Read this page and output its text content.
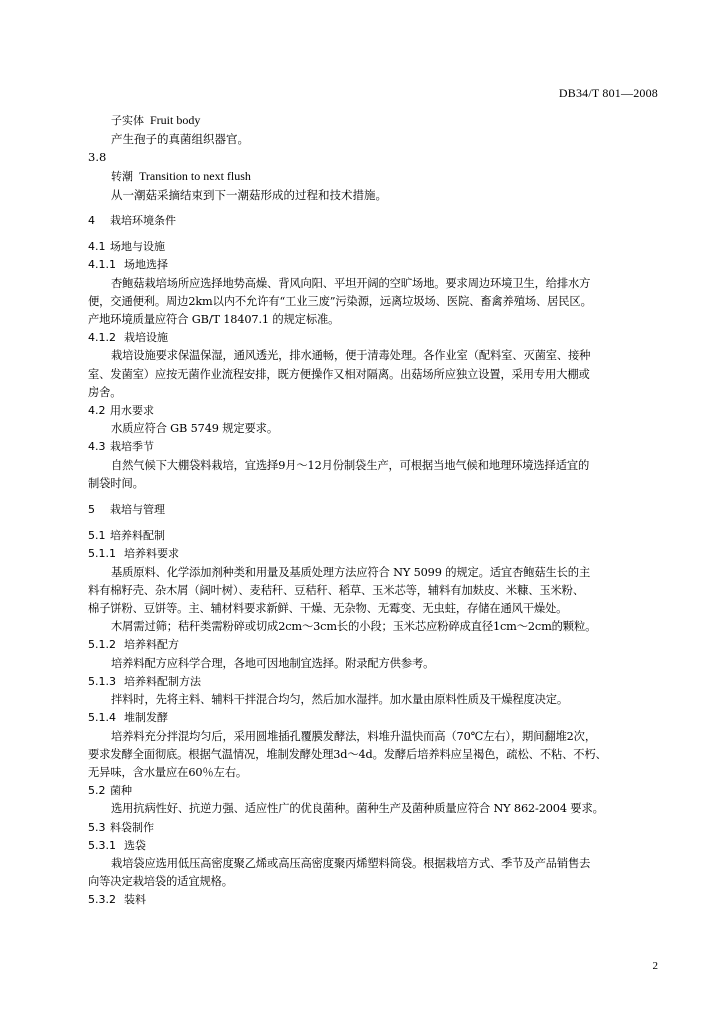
DB34/T 801—2008
子实体 Fruit body
产生孢子的真菌组织器官。
3.8
转潮 Transition to next flush
从一潮菇采摘结束到下一潮菇形成的过程和技术措施。
4 栽培环境条件
4.1 场地与设施
4.1.1 场地选择
杏鲍菇栽培场所应选择地势高燥、背风向阳、平坦开阔的空旷场地。要求周边环境卫生，给排水方
便，交通便利。周边2km以内不允许有“工业三废”污染源，远离垃圾场、医院、畜禽养殖场、居民区。
产地环境质量应符合 GB/T 18407.1 的规定标准。
4.1.2 栽培设施
栽培设施要求保温保湿，通风透光，排水通畅，便于清毒处理。各作业室（配料室、灭菌室、接种
室、发菌室）应按无菌作业流程安排，既方便操作又相对隔离。出菇场所应独立设置，采用专用大棚或
房舍。
4.2 用水要求
水质应符合 GB 5749 规定要求。
4.3 栽培季节
自然气候下大棚袋料栽培，宜选择9月～12月份制袋生产，可根据当地气候和地理环境选择适宜的
制袋时间。
5 栽培与管理
5.1 培养料配制
5.1.1 培养料要求
基质原料、化学添加剂种类和用量及基质处理方法应符合 NY 5099 的规定。适宜杏鲍菇生长的主
料有棉籽壳、杂木屑（阔叶树）、麦秸秆、豆秸秆、稻草、玉米芯等，辅料有加麸皮、米糠、玉米粉、
棉子饼粉、豆饼等。主、辅材料要求新鲜、干燥、无杂物、无霉变、无虫蛀，存储在通风干燥处。
木屑需过筛；秸秆类需粉碎或切成2cm～3cm长的小段；玉米芯应粉碎成直径1cm～2cm的颗粒。
5.1.2 培养料配方
培养料配方应科学合理，各地可因地制宜选择。附录配方供参考。
5.1.3 培养料配制方法
拌料时，先将主料、辅料干拌混合均匀，然后加水湿拌。加水量由原料性质及干燥程度决定。
5.1.4 堆制发酵
培养料充分拌混均匀后，采用圆堆插孔覆膜发酵法，料堆升温快而高（70℃左右），期间翻堆2次，
要求发酵全面彻底。根据气温情况，堆制发酵处理3d～4d。发酵后培养料应呈褐色，疏松、不粘、不朽、
无异味，含水量应在60％左右。
5.2 菌种
选用抗病性好、抗逆力强、适应性广的优良菌种。菌种生产及菌种质量应符合 NY 862-2004 要求。
5.3 料袋制作
5.3.1 选袋
栽培袋应选用低压高密度聚乙烯或高压高密度聚丙烯塑料筒袋。根据栽培方式、季节及产品销售去
向等决定栽培袋的适宜规格。
5.3.2 装料
2
